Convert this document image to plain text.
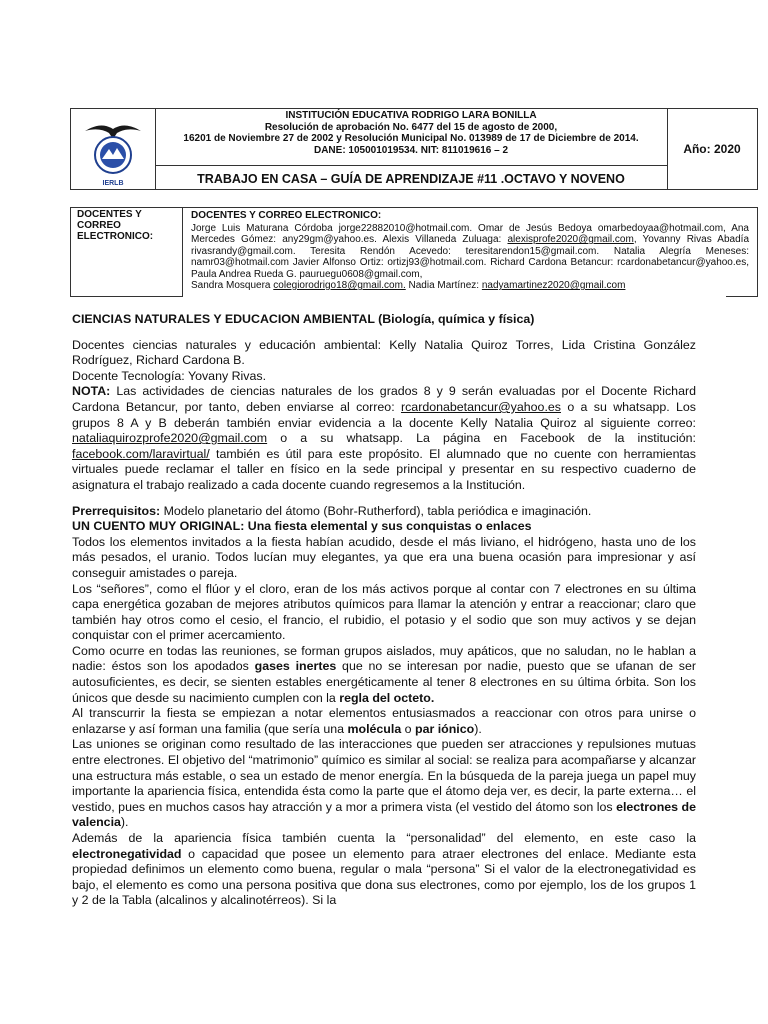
IERLB
INSTITUCIÓN EDUCATIVA RODRIGO LARA BONILLA
Resolución de aprobación No. 6477 del 15 de agosto de 2000,
16201 de Noviembre 27 de 2002 y Resolución Municipal No. 013989 de 17 de Diciembre de 2014.
DANE: 105001019534. NIT: 811019616 – 2
TRABAJO EN CASA – GUÍA DE APRENDIZAJE #11 .OCTAVO Y NOVENO
Año: 2020
DOCENTES Y CORREO ELECTRONICO:
DOCENTES Y CORREO ELECTRONICO:
Jorge Luis Maturana Córdoba jorge22882010@hotmail.com. Omar de Jesús Bedoya omarbedoyaa@hotmail.com, Ana Mercedes Gómez: any29gm@yahoo.es. Alexis Villaneda Zuluaga: alexisprofe2020@gmail.com, Yovanny Rivas Abadía rivasrandy@gmail.com. Teresita Rendón Acevedo: teresitarendon15@gmail.com. Natalia Alegría Meneses: namr03@hotmail.com Javier Alfonso Ortiz: ortizj93@hotmail.com. Richard Cardona Betancur: rcardonabetancur@yahoo.es, Paula Andrea Rueda G. pauruegu0608@gmail.com,
Sandra Mosquera colegiorodrigo18@gmail.com. Nadia Martínez: nadyamartinez2020@gmail.com

CIENCIAS NATURALES Y EDUCACION AMBIENTAL (Biología, química y física)

Docentes ciencias naturales y educación ambiental: Kelly Natalia Quiroz Torres, Lida Cristina González Rodríguez, Richard Cardona B.

Docente Tecnología: Yovany Rivas.

NOTA: Las actividades de ciencias naturales de los grados 8 y 9 serán evaluadas por el Docente Richard Cardona Betancur, por tanto, deben enviarse al correo: rcardonabetancur@yahoo.es o a su whatsapp. Los grupos 8 A y B deberán también enviar evidencia a la docente Kelly Natalia Quiroz al siguiente correo: nataliaquirozprofe2020@gmail.com o a su whatsapp. La página en Facebook de la institución: facebook.com/laravirtual/ también es útil para este propósito. El alumnado que no cuente con herramientas virtuales puede reclamar el taller en físico en la sede principal y presentar en su respectivo cuaderno de asignatura el trabajo realizado a cada docente cuando regresemos a la Institución.

Prerrequisitos: Modelo planetario del átomo (Bohr-Rutherford), tabla periódica e imaginación.

UN CUENTO MUY ORIGINAL: Una fiesta elemental y sus conquistas o enlaces

Todos los elementos invitados a la fiesta habían acudido, desde el más liviano, el hidrógeno, hasta uno de los más pesados, el uranio. Todos lucían muy elegantes, ya que era una buena ocasión para impresionar y así conseguir amistades o pareja.

Los “señores”, como el flúor y el cloro, eran de los más activos porque al contar con 7 electrones en su última capa energética gozaban de mejores atributos químicos para llamar la atención y entrar a reaccionar; claro que también hay otros como el cesio, el francio, el rubidio, el potasio y el sodio que son muy activos y se dejan conquistar con el primer acercamiento.

Como ocurre en todas las reuniones, se forman grupos aislados, muy apáticos, que no saludan, no le hablan a nadie: éstos son los apodados gases inertes que no se interesan por nadie, puesto que se ufanan de ser autosuficientes, es decir, se sienten estables energéticamente al tener 8 electrones en su última órbita. Son los únicos que desde su nacimiento cumplen con la regla del octeto.

Al transcurrir la fiesta se empiezan a notar elementos entusiasmados a reaccionar con otros para unirse o enlazarse y así forman una familia (que sería una molécula o par iónico).

Las uniones se originan como resultado de las interacciones que pueden ser atracciones y repulsiones mutuas entre electrones. El objetivo del “matrimonio” químico es similar al social: se realiza para acompañarse y alcanzar una estructura más estable, o sea un estado de menor energía. En la búsqueda de la pareja juega un papel muy importante la apariencia física, entendida ésta como la parte que el átomo deja ver, es decir, la parte externa… el vestido, pues en muchos casos hay atracción y a mor a primera vista (el vestido del átomo son los electrones de valencia).

Además de la apariencia física también cuenta la “personalidad” del elemento, en este caso la electronegatividad o capacidad que posee un elemento para atraer electrones del enlace. Mediante esta propiedad definimos un elemento como buena, regular o mala “persona” Si el valor de la electronegatividad es bajo, el elemento es como una persona positiva que dona sus electrones, como por ejemplo, los de los grupos 1 y 2 de la Tabla (alcalinos y alcalinotérreos). Si la
